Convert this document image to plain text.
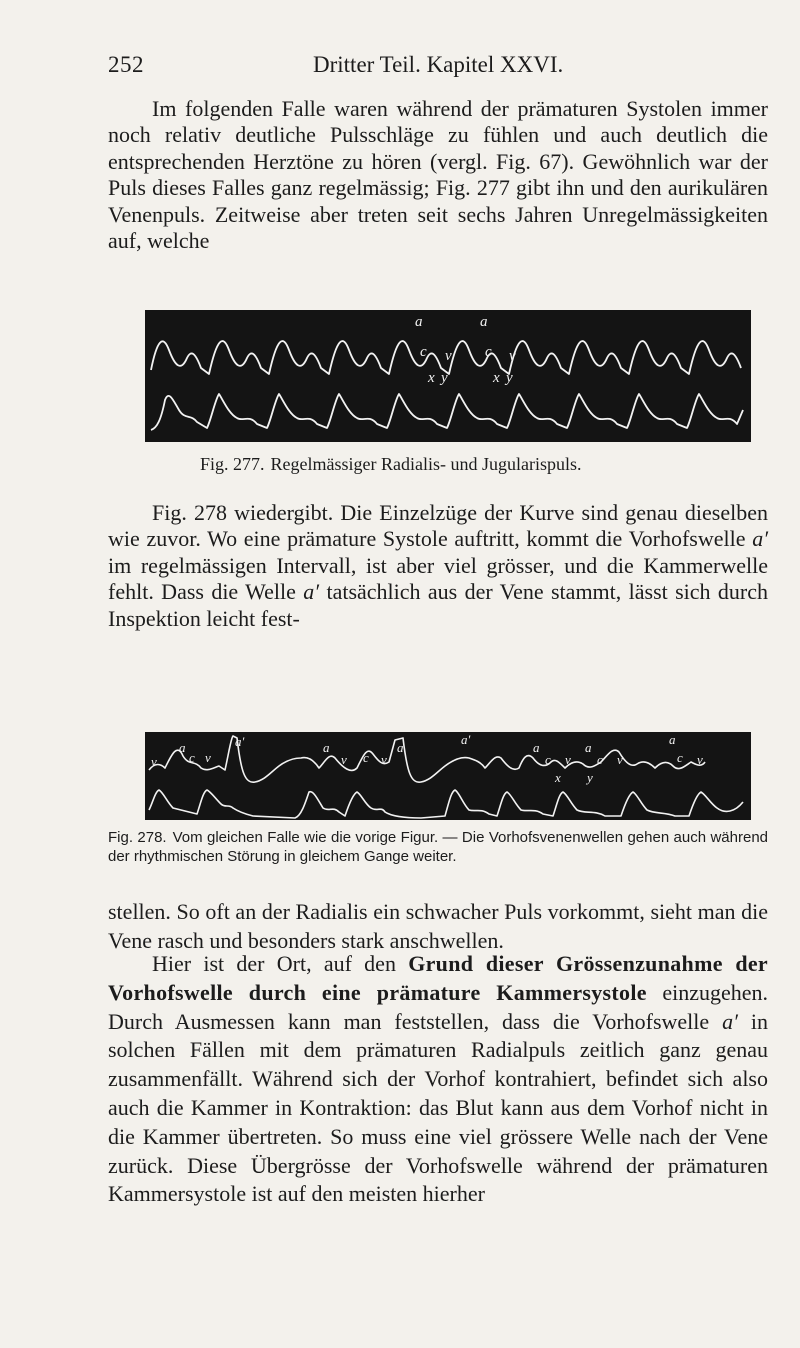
252	Dritter Teil. Kapitel XXVI.

Im folgenden Falle waren während der prämaturen Systolen immer noch relativ deutliche Pulsschläge zu fühlen und auch deutlich die entsprechenden Herztöne zu hören (vergl. Fig. 67). Gewöhnlich war der Puls dieses Falles ganz regelmässig; Fig. 277 gibt ihn und den aurikulären Venenpuls. Zeitweise aber treten seit sechs Jahren Unregelmässigkeiten auf, welche

a	a
c v c v
x y	x y

Fig. 277. Regelmässiger Radialis- und Jugularispuls.

Fig. 278 wiedergibt. Die Einzelzüge der Kurve sind genau dieselben wie zuvor. Wo eine prämature Systole auftritt, kommt die Vorhofswelle a′ im regelmässigen Intervall, ist aber viel grösser, und die Kammerwelle fehlt. Dass die Welle a′ tatsächlich aus der Vene stammt, lässt sich durch Inspektion leicht fest-

a
v c v
a′	a	a
v c v
a′
a
c v
a
c v
a
c v
x y

Fig. 278. Vom gleichen Falle wie die vorige Figur. — Die Vorhofsvenenwellen gehen auch während der rhythmischen Störung in gleichem Gange weiter.

stellen. So oft an der Radialis ein schwacher Puls vorkommt, sieht man die Vene rasch und besonders stark anschwellen.

Hier ist der Ort, auf den Grund dieser Grössenzunahme der Vorhofswelle durch eine prämature Kammersystole einzugehen. Durch Ausmessen kann man feststellen, dass die Vorhofswelle a′ in solchen Fällen mit dem prämaturen Radialpuls zeitlich ganz genau zusammenfällt. Während sich der Vorhof kontrahiert, befindet sich also auch die Kammer in Kontraktion: das Blut kann aus dem Vorhof nicht in die Kammer übertreten. So muss eine viel grössere Welle nach der Vene zurück. Diese Übergrösse der Vorhofswelle während der prämaturen Kammersystole ist auf den meisten hierher
